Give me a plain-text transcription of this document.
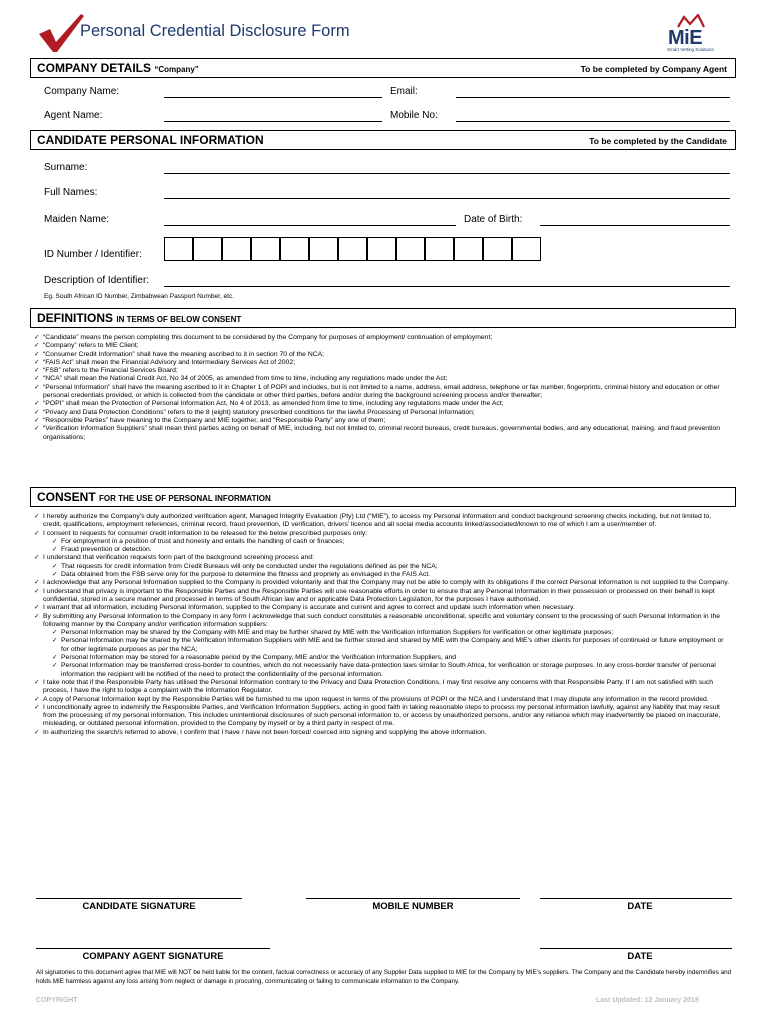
Personal Credential Disclosure Form	MiE
Smart Vetting Solutions
COMPANY DETAILS “Company”	To be completed by Company Agent
Company Name:	Email:
Agent Name:	Mobile No:
CANDIDATE PERSONAL INFORMATION	To be completed by the Candidate
Surname:
Full Names:
Maiden Name:	Date of Birth:
ID Number / Identifier:
Description of Identifier:
Eg. South African ID Number, Zimbabwean Passport Number, etc.
DEFINITIONS IN TERMS OF BELOW CONSENT
✓ “Candidate” means the person completing this document to be considered by the Company for purposes of employment/ continuation of employment;
✓ “Company” refers to MIE Client;
✓ “Consumer Credit Information” shall have the meaning ascribed to it in section 70 of the NCA;
✓ “FAIS Act” shall mean the Financial Advisory and Intermediary Services Act of 2002;
✓ “FSB” refers to the Financial Services Board;
✓ “NCA” shall mean the National Credit Act, No 34 of 2005, as amended from time to time, including any regulations made under the Act;
✓ “Personal Information” shall have the meaning ascribed to it in Chapter 1 of POPI and includes, but is not limited to a name, address, email address, telephone or fax number, fingerprints, criminal history and education or other personal credentials provided, or which is collected from the candidate or other third parties, before and/or during the background screening process and/or thereafter;
✓ “POPI” shall mean the Protection of Personal Information Act, No 4 of 2013, as amended from time to time, including any regulations made under the Act;
✓ “Privacy and Data Protection Conditions” refers to the 8 (eight) statutory prescribed conditions for the lawful Processing of Personal Information;
✓ “Responsible Parties” have meaning to the Company and MIE together, and “Responsible Party” any one of them;
✓ “Verification Information Suppliers” shall mean third parties acting on behalf of MIE, including, but not limited to, criminal record bureaus, credit bureaus, governmental bodies, and any educational, training, and fraud prevention organisations;
CONSENT FOR THE USE OF PERSONAL INFORMATION
✓ I hereby authorize the Company’s duly authorized verification agent, Managed Integrity Evaluation (Pty) Ltd (“MIE”), to access my Personal Information and conduct background screening checks including, but not limited to, credit, qualifications, employment references, criminal record, fraud prevention, ID verification, drivers’ licence and all social media accounts linked/associated/known to me of which I am a user/member of.
✓ I consent to requests for consumer credit information to be released for the below prescribed purposes only:
✓ For employment in a position of trust and honesty and entails the handling of cash or finances;
✓ Fraud prevention or detection.
✓ I understand that verification requests form part of the background screening process and:
✓ That requests for credit information from Credit Bureaus will only be conducted under the regulations defined as per the NCA;
✓ Data obtained from the FSB serve only for the purpose to determine the fitness and propriety as envisaged in the FAIS Act.
✓ I acknowledge that any Personal Information supplied to the Company is provided voluntarily and that the Company may not be able to comply with its obligations if the correct Personal Information is not supplied to the Company.
✓ I understand that privacy is important to the Responsible Parties and the Responsible Parties will use reasonable efforts in order to ensure that any Personal Information in their possession or processed on their behalf is kept confidential, stored in a secure manner and processed in terms of South African law and or applicable Data Protection Legislation, for the purposes I have authorised.
✓ I warrant that all information, including Personal Information, supplied to the Company is accurate and current and agree to correct and update such information when necessary.
✓ By submitting any Personal Information to the Company in any form I acknowledge that such conduct constitutes a reasonable unconditional, specific and voluntary consent to the processing of such Personal Information in the following manner by the Company and/or verification information suppliers:
✓ Personal Information may be shared by the Company with MIE and may be further shared by MIE with the Verification Information Suppliers for verification or other legitimate purposes;
✓ Personal Information may be shared by the Verification Information Suppliers with MIE and be further stored and shared by MIE with the Company and MIE’s other clients for purposes of continued or future employment or for other legitimate purposes as per the NCA;
✓ Personal Information may be stored for a reasonable period by the Company, MIE and/or the Verification Information Suppliers, and
✓ Personal Information may be transferred cross-border to countries, which do not necessarily have data-protection laws similar to South Africa, for verification or storage purposes. In any cross-border transfer of personal information the recipient will be notified of the need to protect the confidentiality of the personal information.
✓ I take note that if the Responsible Party has utilised the Personal Information contrary to the Privacy and Data Protection Conditions, I may first resolve any concerns with that Responsible Party. If I am not satisfied with such process, I have the right to lodge a complaint with the Information Regulator.
✓ A copy of Personal Information kept by the Responsible Parties will be furnished to me upon request in terms of the provisions of POPI or the NCA and I understand that I may dispute any information in the record provided.
✓ I unconditionally agree to indemnify the Responsible Parties, and Verification Information Suppliers, acting in good faith in taking reasonable steps to process my personal information lawfully, against any liability that may result from the processing of my personal information. This includes unintentional disclosures of such personal information to, or access by unauthorized persons, and/or any reliance which may inadvertently be placed on inaccurate, misleading, or outdated personal information, provided to the Company by myself or by a third party in respect of me.
✓ In authorizing the search/s referred to above, I confirm that I have / have not been forced/ coerced into signing and supplying the above information.
CANDIDATE SIGNATURE	MOBILE NUMBER	DATE
COMPANY AGENT SIGNATURE	DATE
All signatories to this document agree that MIE will NOT be held liable for the content, factual correctness or accuracy of any Supplier Data supplied to MIE for the Company by MIE’s suppliers. The Company and the Candidate hereby indemnifies and holds MIE harmless against any loss arising from neglect or damage in procuring, communicating or failing to communicate information to the Company.
COPYRIGHT	Last Updated: 12 January 2018
